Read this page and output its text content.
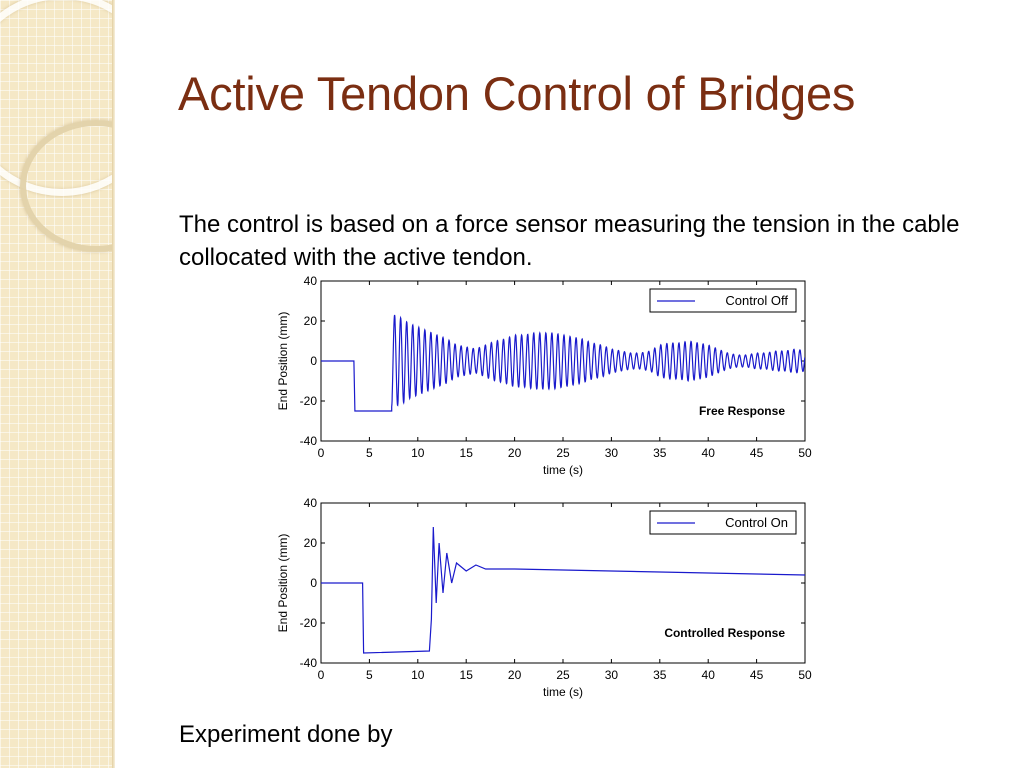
Active Tendon Control of Bridges

The control is based on a force sensor measuring the tension in the cable collocated with the active tendon.

0	5	10	15	20	25	30	35	40	45	50
40
20
0
-20
-40
time (s)
End Position (mm)
Control Off
Free Response
0	5	10	15	20	25	30	35	40	45	50
40
20
0
-20
-40
time (s)
End Position (mm)
Control On
Controlled Response

Experiment done by
